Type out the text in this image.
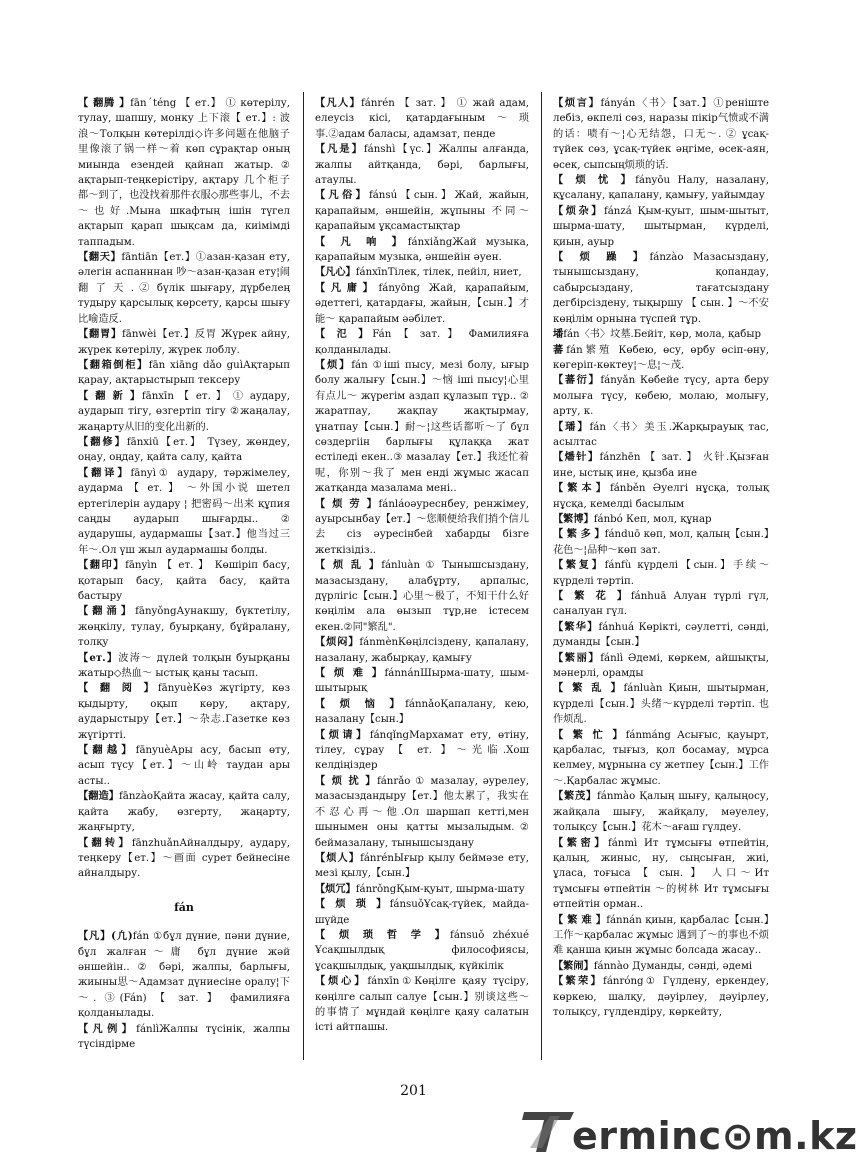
【 翻腾 】fānˊténg 【 ет.】 ① көтерілу, тулау, шапшу, монку 上下滚【 ет.】: 波浪～Толқын көтерілді◇许多问题在他脑子里像滚了锅一样～着 көп сұрақтар оның миында езендей қайнап жатыр.② ақтарып-теңкерістіру, ақтару 几个柜子都～到了，也没找着那件衣服◇那些事儿，不去～也好.Мына шкафтың ішін түгел ақтарып қарап шықсам да, киімімді таппадым.

【翻天】fāntiān【ет.】①азан-қазан ету, әлегін аспанннан 吵～азан-қазан ету¦闹 翻 了 天 . ② бүлік шығару, дүрбелең тудыру қарсылық көрсету, қарсы шығу 比喻造反.

【翻胃】fānwèi【ет.】反胃 Жүрек айну, жүрек көтерілу, жүрек лоблу.

【翻箱倒柜】fān xiāng dǎo guìАқтарып қарау, ақтарыстырып тексеру

【 翻 新 】fānxīn 【 ет. 】 ① аудару, аударып тігу, өзгертіп тігу ②жаңалау, жаңарту从旧的变化出新的.

【翻修】fānxiū【ет.】 Түзеу, жөндеу, оңау, оңдау, қайта салу, қайта

【翻译】fānyì① аудару, тәржімелеу, аударма 【 ет. 】 ～外国小说 шетел ертегілерін аудару ¦ 把密码～出来 құпия саңды аударып шығарды.. ② аударушы, аудармашы【зат.】他当过三年～.Ол үш жыл аудармашы болды.

【翻印】fānyìn 【 ет. 】 Көшіріп басу, қотарып басу, қайта басу, қайта бастыру

【翻涌】fānyǒngАунакшу, бүктетілу, жөңкілу, тулау, буырқану, бұйралану, толқу

【ет.】波涛～ дүлей толқын буырқаны жатыр◇热血～ ыстық қаны тасып.

【 翻 阅 】fānyuèКөз жүгірту, көз қыдырту, оқып көру, ақтару, аударыстыру【ет.】～杂志.Газетке көз жүгіртті.

【翻越】fānyuèАры асу, басып өту, асып түсу【ет.】～山岭 таудан ары асты..

【翻造】fānzàoҚайта жасау, қайта салу, қайта жабу, өзгерту, жаңарту, жаңғырту,

【翻转】fānzhuǎnАйналдыру, аудару, теңкеру【ет.】～画面 сурет бейнесіне айналдыру.

fán

【凡】(凢)fán ①бұл дүние, пәни дүние, бұл жалған～庸 бұл дүние жәй әншейін.. ② бәрі, жалпы, барлығы, жиыны思～Адамзат дүниесіне оралу¦下～. ③(Fán) 【 зат. 】 фамилияға қолданылады.

【凡例】fánlìЖалпы түсінік, жалпы түсіндірме

【凡人】fánrén 【 зат. 】 ① жай адам, елеусіз кісі, қатардағыным～琐事.②адам баласы, адамзат, пенде

【凡是】fánshì【үс.】Жалпы алғанда, жалпы айтқанда, бәрі, барлығы, атаулы.

【凡俗】fánsú【сын.】Жай, жайын, қарапайым, әншейін, жұпыны 不同～ қарапайым ұқсамастықтар

【 凡 响 】fánxiǎngЖай музыка, қарапайым музыка, әншейін әуен.

【凡心】fánxīnТілек, тілек, пейіл, ниет,

【凡庸】fányōng Жай, қарапайым, әдеттегі, қатардағы, жайын,【сын.】才能～ қарапайым әәбілет.

【 氾 】Fán 【 зат. 】 Фамилияға қолданылады.

【烦】fán ①іші пысу, мезі болу, ығыр болу жалығу【сын.】～恼 іші пысу¦心里有点儿～ жүрегім аздап құлазып тұр.. ② жаратпау, жақпау жақтырмау, ұнатпау【сын.】耐～¦这些话都听～了 бұл сөздергіін барлығы құлаққа жат естіледі екен..③ мазалау【ет.】我还忙着呢，你别～我了 мен енді жұмыс жасап жатқанда мазалама мені..

【 烦 劳 】fánláoәуреснбеу, ренжімеу, ауырсынбау【ет.】～您顺便给我们捎个信儿去 сіз әуресінбей хабарды бізге жеткізідіз..

【 烦 乱 】fánluàn ① Тынышсыздану, мазасыздану, алабұрту, арпалыс, дүрлігіс【сын.】心里～极了，不知干什么好 көңілім ала өызып тұр,не істесем екен.②同"繁乱".

【烦闷】fánmènКөңілсіздену, қапалану, назалану, жабырқау, қамығу

【 烦 难 】fánnánШырма-шату, шым-шытырық

【 烦 恼 】fánnǎoҚапалану, кею, назалану【сын.】

【烦请】fánqǐngМархамат ету, өтіну, тілеу, сұрау 【 ет. 】～光临.Хош келдіңіздер

【 烦 扰 】fánrǎo ① мазалау, әурелеу, мазасыздандыру【ет.】他太累了，我实在不忍心再～他.Ол шаршап кетті,мен шынымен оны қатты мызалыдым.② беймазалану, тынышсыздану

【烦人】fánrénЫғыр қылу беймәзе ету, мезі қылу,【сын.】

【烦冗】fánrǒngҚым-қуыт, шырма-шату

【 烦 琐 】fánsuǒҰсақ-түйек, майда-шүйде

【 烦 琐 哲 学 】fánsuǒ zhéxué Ұсақшылдық философиясы, ұсақшылдық, уақшылдық, күйкілік

【烦心】fánxīn①Көңілге қаяу түсіру, көңілге салып салуе【сын.】别谈这些～的事情了 мұндай көңілге қаяу салатын істі айтпашы.

【烦言】fányán〈书〉【зат.】①реніште лебіз, өкпелі сөз, наразы пікір气愤或不满的话：啧有～¦心无结怨，口无～. ② ұсақ-түйек сөз, ұсақ-түйек әңгіме, өсек-аян, өсек, сыпсың烦琐的话.

【 烦 忧 】fányōu Налу, назалану, құсалану, қапалану, қамығу, уайымдау

【烦杂】fánzá Қым-қуыт, шым-шытыт, шырма-шату, шытырман, күрделі, қиын, ауыр

【 烦 躁 】fánzào Мазасыздану, тынышсыздану, қопандау, сабырсыздану, тағатсыздану дегбірсіздену, тықыршу 【 сын. 】～不安 көңілім орнына түспей тұр.

墦fán〈书〉坟墓.Бейіт, көр, мола, қабыр

蕃fán繁殖 Көбею, өсу, өрбу өсіп-өну, көгеріп-көктеу¦～息¦～茂.

【蕃衍】fányǎn Көбейе түсу, арта беру молыға түсу, көбею, молаю, молығу, арту, к.

【璠】fán〈书〉美玉.Жарқырауық тас, асылтас

【燔针】fánzhēn 【 зат. 】 火针.Қызған ине, ыстық ине, қызба ине

【繁本】fánběn Әуелгі нұсқа, толық нұсқа, кемелді басылым

【繁博】fánbó Кеп, мол, құнар

【 繁 多 】fánduō көп, мол, қалың【сын.】花色～¦品种～көп зат.

【繁复】fánfù күрделі【сын.】手续～күрделі тәртіп.

【 繁 花 】fánhuā Алуан түрлі гүл, саналуан гүл.

【繁华】fánhuá Көрікті, сәулетті, сәнді, думанды【сын.】

【繁丽】fánlì Әдемі, көркем, айшықты, мәнерлі, орамды

【 繁 乱 】fánluàn Қиын, шытырман, күрделі【сын.】头绪～күрделі тәртіп. 也作烦乱.

【 繁 忙 】fánmáng Асығыс, қауырт, қарбалас, тығыз, қол босамау, мұрса келмеу, мұрнына су жетпеу【сын.】工作～.Қарбалас жұмыс.

【繁茂】fánmào Қалың шығу, қалыңосу, жайқала шығу, жайқалу, мәуелеу, толықсу【сын.】花木～ағаш гүлдеу.

【繁密】fánmì Ит тұмсығы өтпейтін, қалың, жиныс, ну, сыңсыған, жиі, ұласа, тоғыса 【 сын. 】 人口～Ит тұмсығы өтпейтін ～的树林 Ит тұмсығы өтпейтін орман..

【 繁 难 】fánnán қиын, қарбалас【сын.】工作～қарбалас жұмыс 遇到了～的事也不烦难 қанша қиын жұмыс болсада жасау..

【繁闹】fánnào Думанды, сәнді, әдемі

【繁荣】fánróng① Гүлдену, еркендеу, көркею, шалқу, дәуірлеу, дәуірлеу, толықсу, гүлдендіру, көркейту,

201
erminc⊙m.kz
